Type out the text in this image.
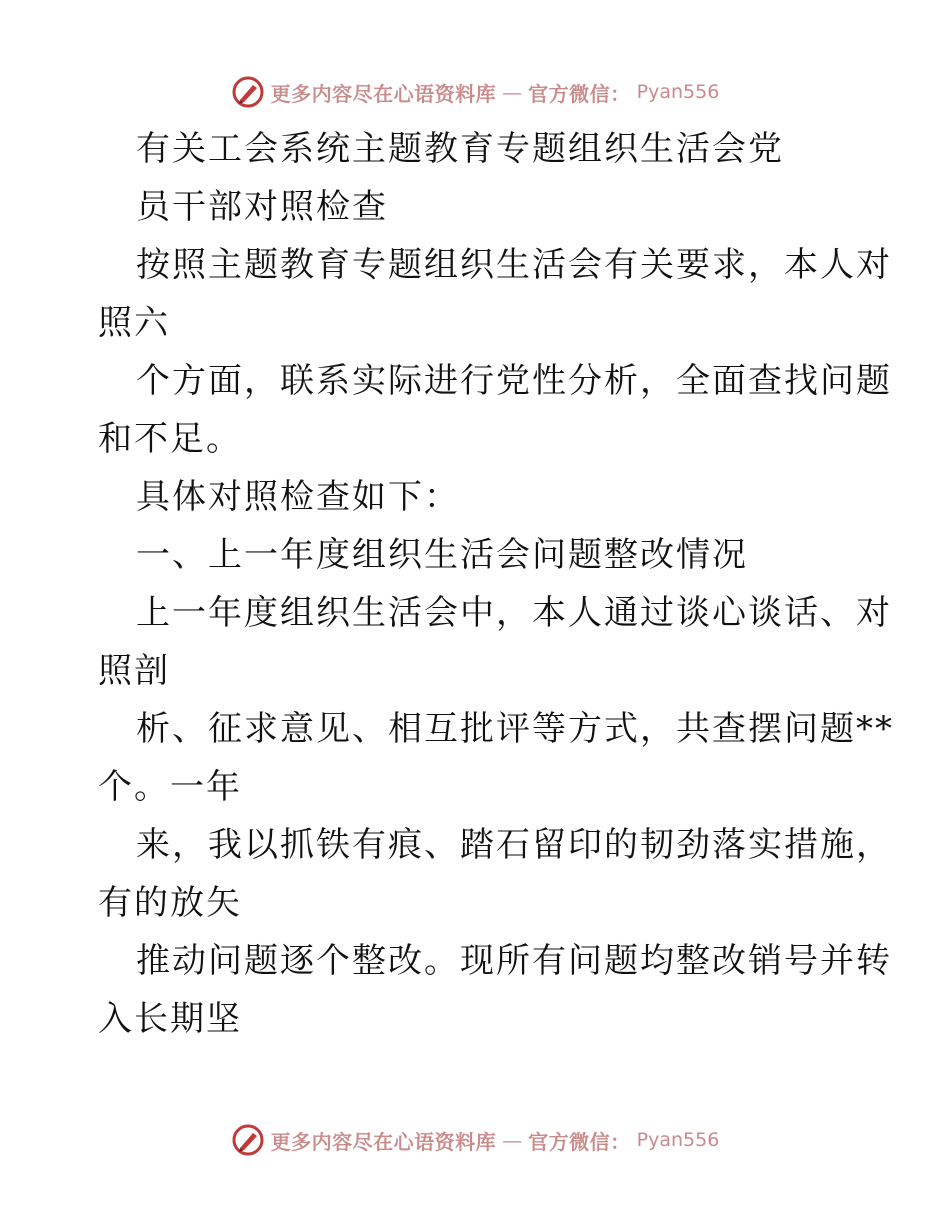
更多内容尽在心语资料库 — 官方微信： Pyan556
有关工会系统主题教育专题组织生活会党
员干部对照检查
按照主题教育专题组织生活会有关要求，本人对
照六
个方面，联系实际进行党性分析，全面查找问题
和不足。
具体对照检查如下：
一、上一年度组织生活会问题整改情况
上一年度组织生活会中，本人通过谈心谈话、对
照剖
析、征求意见、相互批评等方式，共查摆问题**
个。一年
来，我以抓铁有痕、踏石留印的韧劲落实措施，
有的放矢
推动问题逐个整改。现所有问题均整改销号并转
入长期坚
更多内容尽在心语资料库 — 官方微信： Pyan556
